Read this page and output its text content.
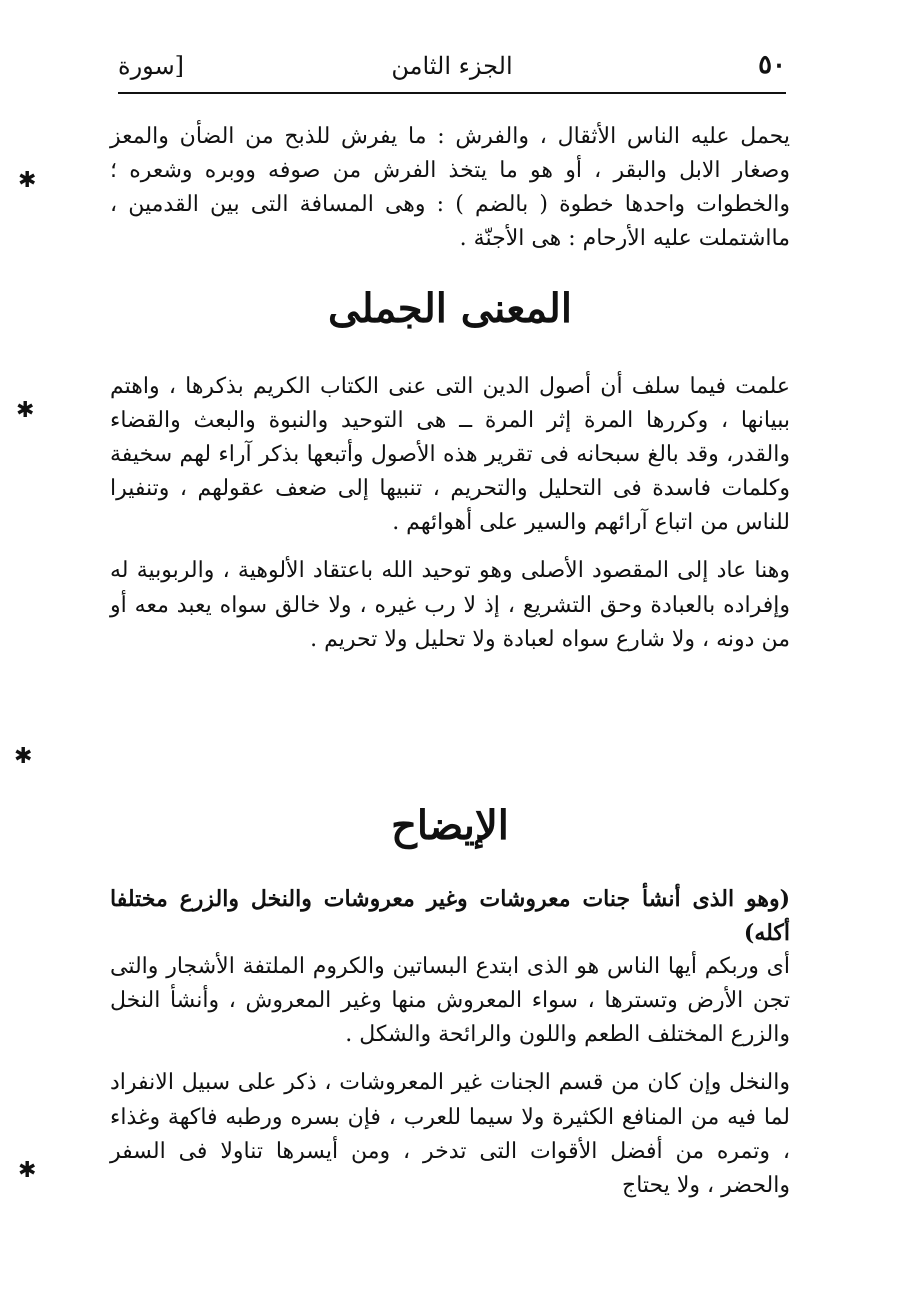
٥٠
الجزء الثامن
[سورة

يحمل عليه الناس الأثقال ، والفرش : ما يفرش للذبح من الضأن والمعز وصغار الابل والبقر ، أو هو ما يتخذ الفرش من صوفه ووبره وشعره ؛ والخطوات واحدها خطوة ( بالضم ) : وهى المسافة التى بين القدمين ، مااشتملت عليه الأرحام : هى الأجنّة .

المعنى الجملى

علمت فيما سلف أن أصول الدين التى عنى الكتاب الكريم بذكرها ، واهتم ببيانها ، وكررها المرة إثر المرة ــ هى التوحيد والنبوة والبعث والقضاء والقدر، وقد بالغ سبحانه فى تقرير هذه الأصول وأتبعها بذكر آراء لهم سخيفة وكلمات فاسدة فى التحليل والتحريم ، تنبيها إلى ضعف عقولهم ، وتنفيرا للناس من اتباع آرائهم والسير على أهوائهم .

وهنا عاد إلى المقصود الأصلى وهو توحيد الله باعتقاد الألوهية ، والربوبية له وإفراده بالعبادة وحق التشريع ، إذ لا رب غيره ، ولا خالق سواه يعبد معه أو من دونه ، ولا شارع سواه لعبادة ولا تحليل ولا تحريم .

الإيضاح

(وهو الذى أنشأ جنات معروشات وغير معروشات والنخل والزرع مختلفا أكله)

أى وربكم أيها الناس هو الذى ابتدع البساتين والكروم الملتفة الأشجار والتى تجن الأرض وتسترها ، سواء المعروش منها وغير المعروش ، وأنشأ النخل والزرع المختلف الطعم واللون والرائحة والشكل .

والنخل وإن كان من قسم الجنات غير المعروشات ، ذكر على سبيل الانفراد لما فيه من المنافع الكثيرة ولا سيما للعرب ، فإن بسره ورطبه فاكهة وغذاء ، وتمره من أفضل الأقوات التى تدخر ، ومن أيسرها تناولا فى السفر والحضر ، ولا يحتاج

✱
✱
✱
✱
